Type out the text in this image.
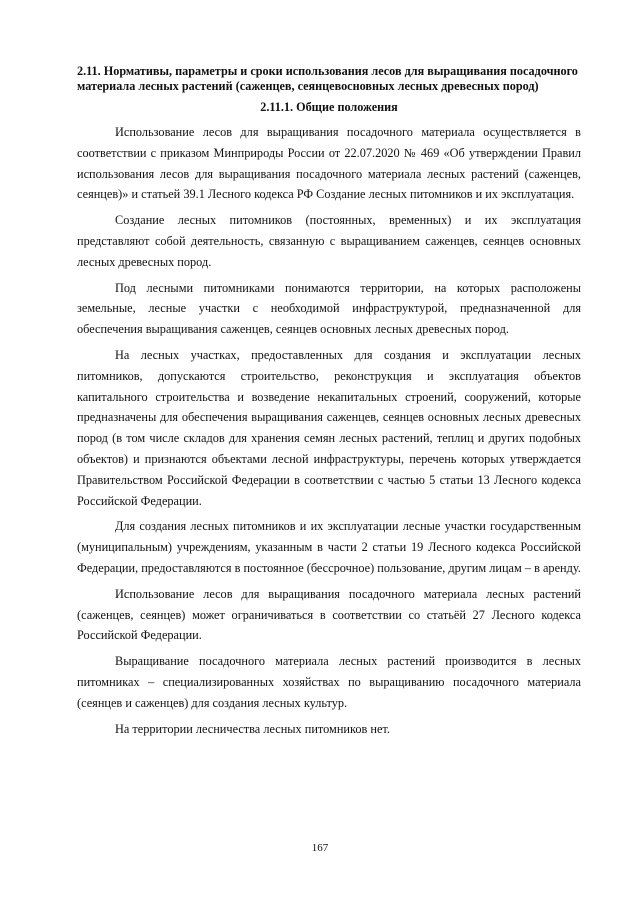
2.11. Нормативы, параметры и сроки использования лесов для выращивания посадочного материала лесных растений (саженцев, сеянцевосновных лесных древесных пород)

2.11.1. Общие положения

Использование лесов для выращивания посадочного материала осуществляется в соответствии с приказом Минприроды России от 22.07.2020 № 469 «Об утверждении Правил использования лесов для выращивания посадочного материала лесных растений (саженцев, сеянцев)» и статьей 39.1 Лесного кодекса РФ Создание лесных питомников и их эксплуатация.

Создание лесных питомников (постоянных, временных) и их эксплуатация представляют собой деятельность, связанную с выращиванием саженцев, сеянцев основных лесных древесных пород.

Под лесными питомниками понимаются территории, на которых расположены земельные, лесные участки с необходимой инфраструктурой, предназначенной для обеспечения выращивания саженцев, сеянцев основных лесных древесных пород.

На лесных участках, предоставленных для создания и эксплуатации лесных питомников, допускаются строительство, реконструкция и эксплуатация объектов капитального строительства и возведение некапитальных строений, сооружений, которые предназначены для обеспечения выращивания саженцев, сеянцев основных лесных древесных пород (в том числе складов для хранения семян лесных растений, теплиц и других подобных объектов) и признаются объектами лесной инфраструктуры, перечень которых утверждается Правительством Российской Федерации в соответствии с частью 5 статьи 13 Лесного кодекса Российской Федерации.

Для создания лесных питомников и их эксплуатации лесные участки государственным (муниципальным) учреждениям, указанным в части 2 статьи 19 Лесного кодекса Российской Федерации, предоставляются в постоянное (бессрочное) пользование, другим лицам – в аренду.

Использование лесов для выращивания посадочного материала лесных растений (саженцев, сеянцев) может ограничиваться в соответствии со статьёй 27 Лесного кодекса Российской Федерации.

Выращивание посадочного материала лесных растений производится в лесных питомниках – специализированных хозяйствах по выращиванию посадочного материала (сеянцев и саженцев) для создания лесных культур.

На территории лесничества лесных питомников нет.

167
